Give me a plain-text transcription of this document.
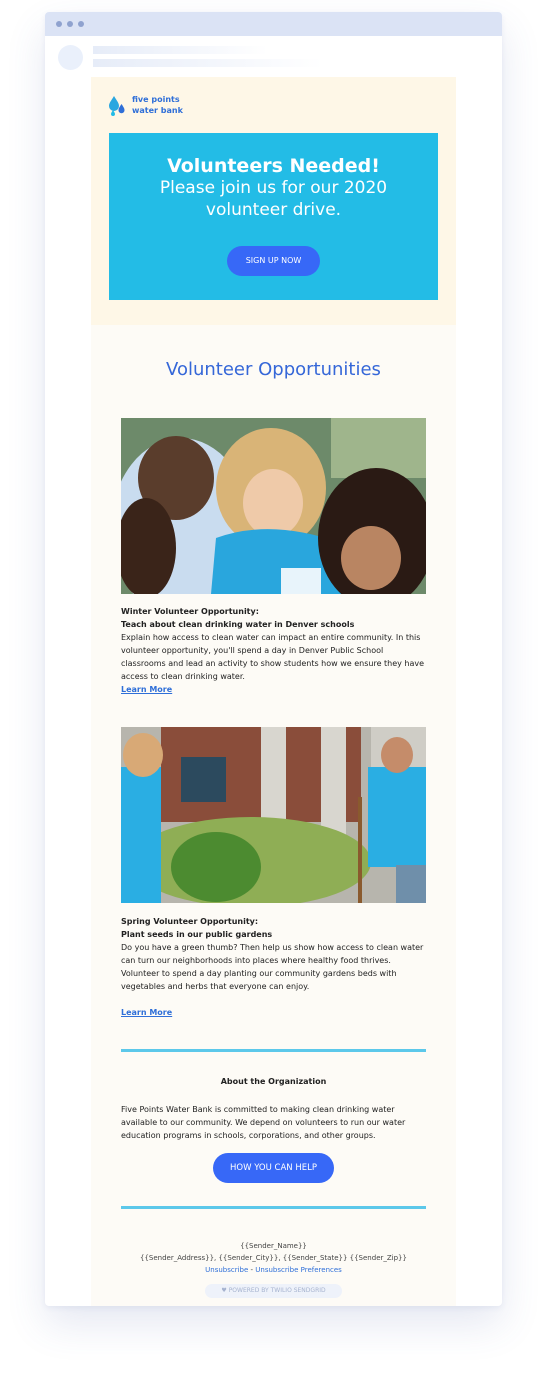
five points
water bank
Volunteers Needed!
Please join us for our 2020 volunteer drive.
SIGN UP NOW
Volunteer Opportunities
Winter Volunteer Opportunity:
Teach about clean drinking water in Denver schools

Explain how access to clean water can impact an entire community. In this volunteer opportunity, you'll spend a day in Denver Public School classrooms and lead an activity to show students how we ensure they have access to clean drinking water.

Learn More
Spring Volunteer Opportunity:
Plant seeds in our public gardens

Do you have a green thumb? Then help us show how access to clean water can turn our neighborhoods into places where healthy food thrives. Volunteer to spend a day planting our community gardens beds with vegetables and herbs that everyone can enjoy.

Learn More
About the Organization

Five Points Water Bank is committed to making clean drinking water available to our community. We depend on volunteers to run our water education programs in schools, corporations, and other groups.

HOW YOU CAN HELP
{{Sender_Name}}
{{Sender_Address}}, {{Sender_City}}, {{Sender_State}} {{Sender_Zip}}
Unsubscribe - Unsubscribe Preferences
♥ POWERED BY TWILIO SENDGRID
